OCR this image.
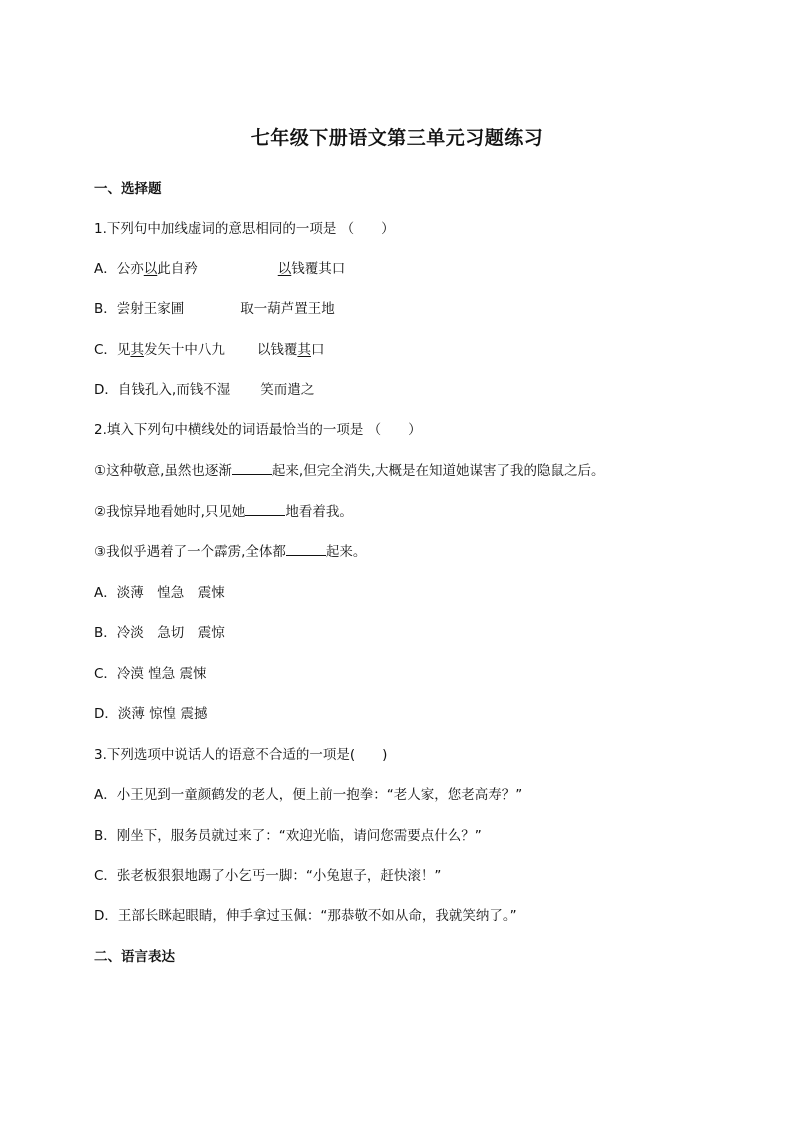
七年级下册语文第三单元习题练习
一、选择题
1.下列句中加线虚词的意思相同的一项是 （　　）
A．公亦以此自矜	以钱覆其口
B．尝射王家圃	取一葫芦置王地
C．见其发矢十中八九 以钱覆其口
D．自钱孔入,而钱不湿 笑而遣之
2.填入下列句中横线处的词语最恰当的一项是 （　　）
①这种敬意,虽然也逐渐	起来,但完全消失,大概是在知道她谋害了我的隐鼠之后。
②我惊异地看她时,只见她	地看着我。
③我似乎遇着了一个霹雳,全体都	起来。
A．淡薄　惶急　震悚
B．冷淡　急切　震惊
C．冷漠 惶急 震悚
D．淡薄 惊惶 震撼
3.下列选项中说话人的语意不合适的一项是(　　)
A．小王见到一童颜鹤发的老人，便上前一抱拳：“老人家，您老高寿？”
B．刚坐下，服务员就过来了：“欢迎光临，请问您需要点什么？”
C．张老板狠狠地踢了小乞丐一脚：“小兔崽子，赶快滚！”
D．王部长眯起眼睛，伸手拿过玉佩：“那恭敬不如从命，我就笑纳了。”
二、语言表达
